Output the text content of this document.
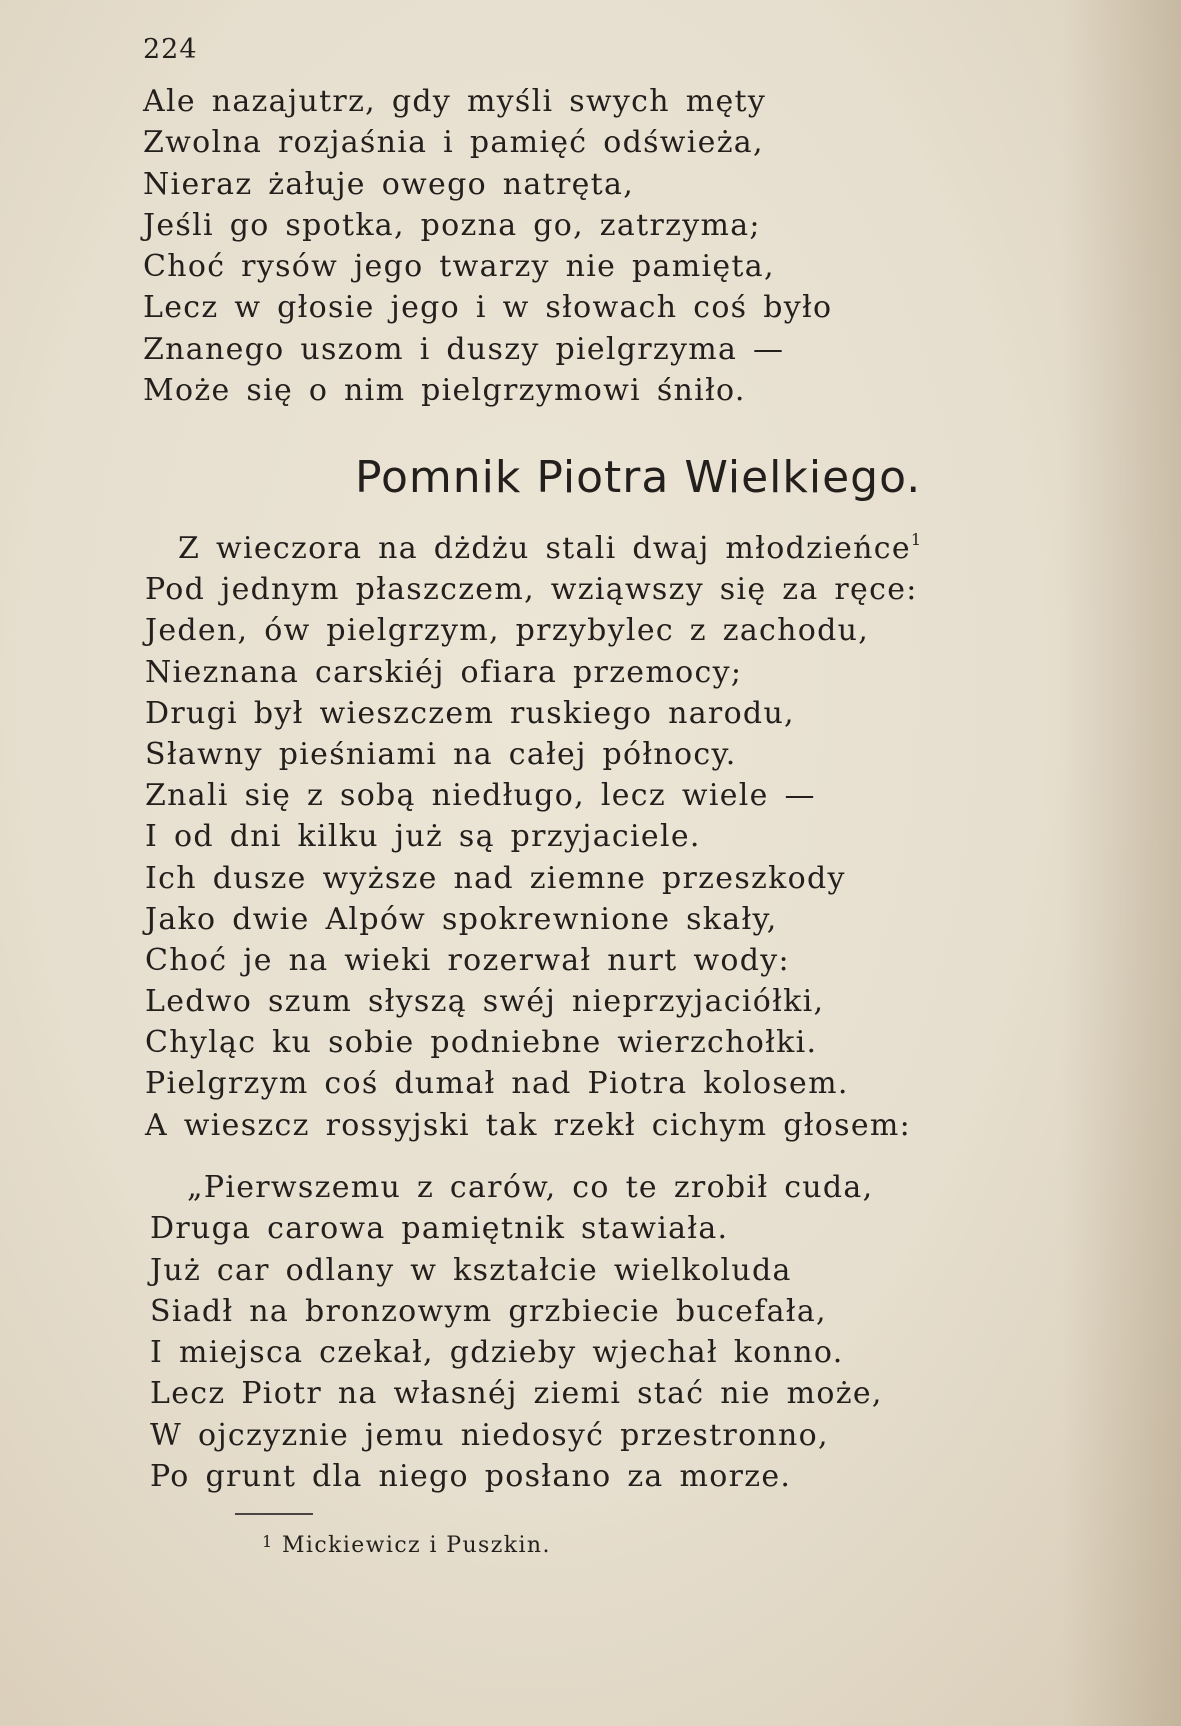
224
Ale nazajutrz, gdy myśli swych męty
Zwolna rozjaśnia i pamięć odświeża,
Nieraz żałuje owego natręta,
Jeśli go spotka, pozna go, zatrzyma;
Choć rysów jego twarzy nie pamięta,
Lecz w głosie jego i w słowach coś było
Znanego uszom i duszy pielgrzyma —
Może się o nim pielgrzymowi śniło.
Pomnik Piotra Wielkiego.
Z wieczora na dżdżu stali dwaj młodzieńce$^1$
Pod jednym płaszczem, wziąwszy się za ręce:
Jeden, ów pielgrzym, przybylec z zachodu,
Nieznana carskiéj ofiara przemocy;
Drugi był wieszczem ruskiego narodu,
Sławny pieśniami na całej północy.
Znali się z sobą niedługo, lecz wiele —
I od dni kilku już są przyjaciele.
Ich dusze wyższe nad ziemne przeszkody
Jako dwie Alpów spokrewnione skały,
Choć je na wieki rozerwał nurt wody:
Ledwo szum słyszą swéj nieprzyjaciółki,
Chyląc ku sobie podniebne wierzchołki.
Pielgrzym coś dumał nad Piotra kolosem.
A wieszcz rossyjski tak rzekł cichym głosem:
„Pierwszemu z carów, co te zrobił cuda,
Druga carowa pamiętnik stawiała.
Już car odlany w kształcie wielkoluda
Siadł na bronzowym grzbiecie bucefała,
I miejsca czekał, gdzieby wjechał konno.
Lecz Piotr na własnéj ziemi stać nie może,
W ojczyznie jemu niedosyć przestronno,
Po grunt dla niego posłano za morze.
$^1$ Mickiewicz i Puszkin.
